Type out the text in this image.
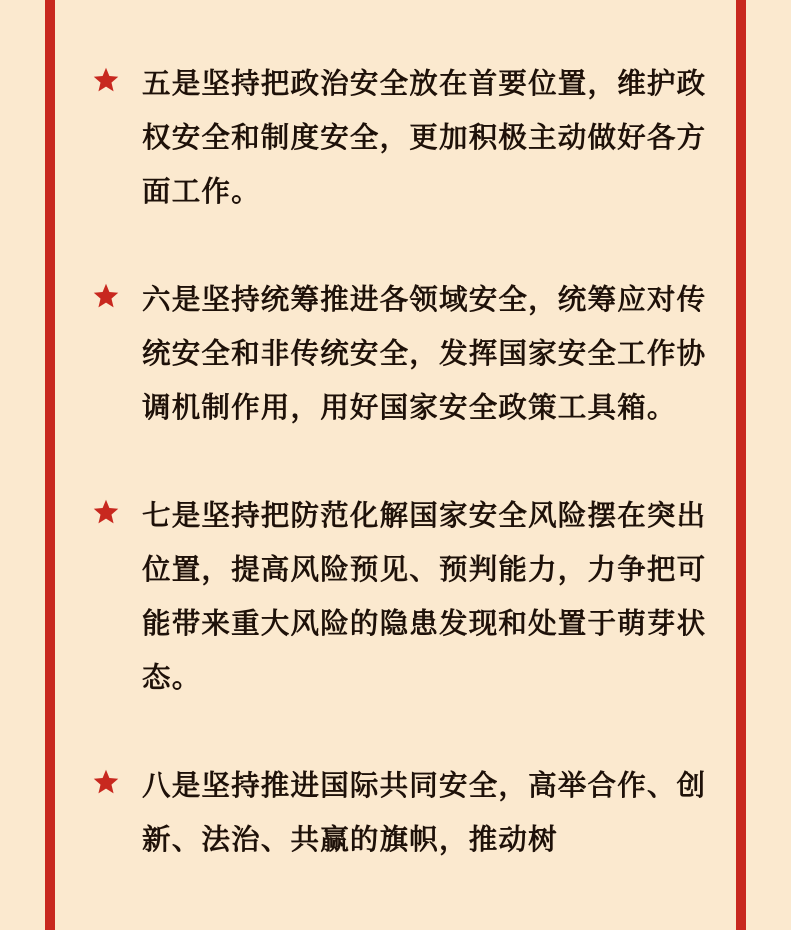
五是坚持把政治安全放在首要位置，维护政权安全和制度安全，更加积极主动做好各方面工作。
六是坚持统筹推进各领域安全，统筹应对传统安全和非传统安全，发挥国家安全工作协调机制作用，用好国家安全政策工具箱。
七是坚持把防范化解国家安全风险摆在突出位置，提高风险预见、预判能力，力争把可能带来重大风险的隐患发现和处置于萌芽状态。
八是坚持推进国际共同安全，高举合作、创新、法治、共赢的旗帜，推动树
